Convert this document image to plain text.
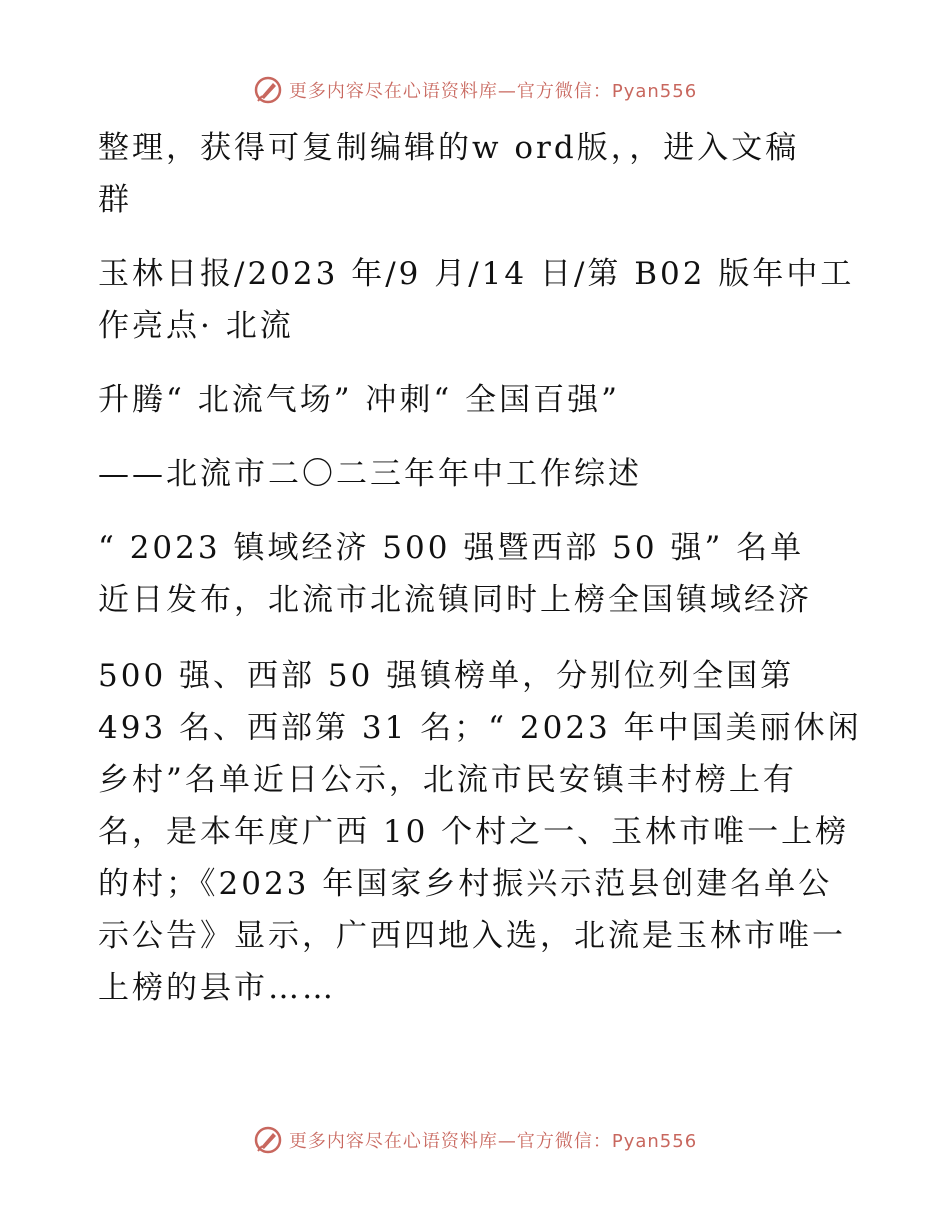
更多内容尽在心语资料库—官方微信：Pyan556
整理，获得可复制编辑的w ord版，，进入文稿
群
玉林日报/2023 年/9 月/14 日/第 B02 版年中工
作亮点· 北流
升腾“ 北流气场” 冲刺“ 全国百强”
——北流市二〇二三年年中工作综述
“ 2023 镇域经济 500 强暨西部 50 强” 名单
近日发布，北流市北流镇同时上榜全国镇域经济
500 强、西部 50 强镇榜单，分别位列全国第
493 名、西部第 31 名；“ 2023 年中国美丽休闲
乡村”名单近日公示，北流市民安镇丰村榜上有
名，是本年度广西 10 个村之一、玉林市唯一上榜
的村；《2023 年国家乡村振兴示范县创建名单公
示公告》显示，广西四地入选，北流是玉林市唯一
上榜的县市……
更多内容尽在心语资料库—官方微信：Pyan556
